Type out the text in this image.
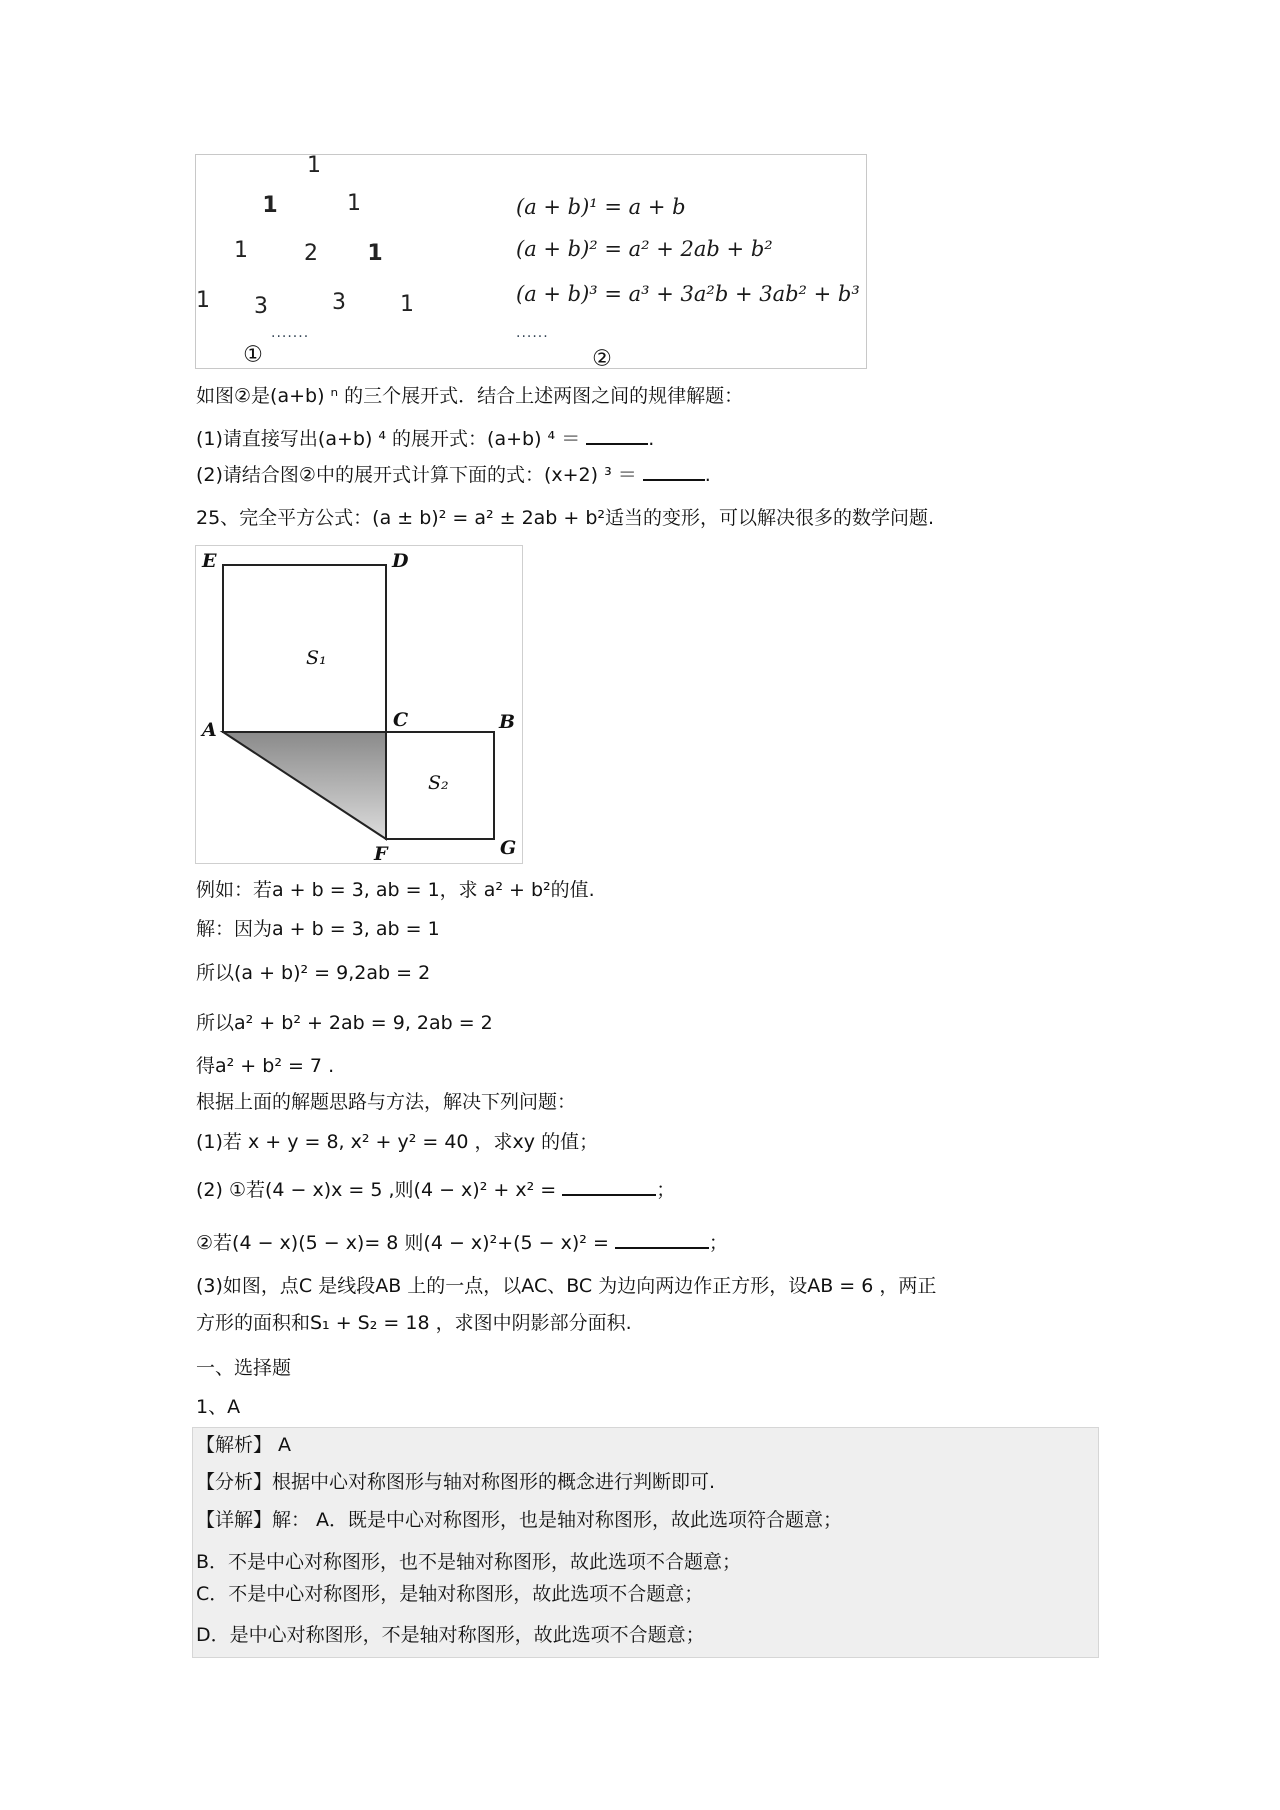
1
1	1
1	2 1
1 3	3 1
·······
①
(a + b)¹ = a + b
(a + b)² = a² + 2ab + b²
(a + b)³ = a³ + 3a²b + 3ab² + b³
······
②
如图②是(a+b) ⁿ 的三个展开式．结合上述两图之间的规律解题：
(1)请直接写出(a+b) ⁴ 的展开式：(a+b) ⁴ ＝	.
(2)请结合图②中的展开式计算下面的式：(x+2) ³ ＝	.
25、完全平方公式：(a ± b)² = a² ± 2ab + b²适当的变形，可以解决很多的数学问题.
E	D
A	C	B
F	G
S₁
S₂
例如：若a + b = 3, ab = 1，求 a² + b²的值.
解：因为a + b = 3, ab = 1
所以(a + b)² = 9,2ab = 2
所以a² + b² + 2ab = 9, 2ab = 2
得a² + b² = 7 .
根据上面的解题思路与方法，解决下列问题：
(1)若 x + y = 8, x² + y² = 40 ，求xy 的值；
(2) ①若(4 − x)x = 5 ,则(4 − x)² + x² =	；
②若(4 − x)(5 − x)= 8 则(4 − x)²+(5 − x)² =	；
(3)如图，点C 是线段AB 上的一点，以AC、BC 为边向两边作正方形，设AB = 6 ，两正
方形的面积和S₁ + S₂ = 18 ，求图中阴影部分面积.
一、选择题
1、A
【解析】 A
【分析】根据中心对称图形与轴对称图形的概念进行判断即可.
【详解】解： A．既是中心对称图形，也是轴对称图形，故此选项符合题意；
B．不是中心对称图形，也不是轴对称图形，故此选项不合题意；
C．不是中心对称图形，是轴对称图形，故此选项不合题意；
D．是中心对称图形，不是轴对称图形，故此选项不合题意；
